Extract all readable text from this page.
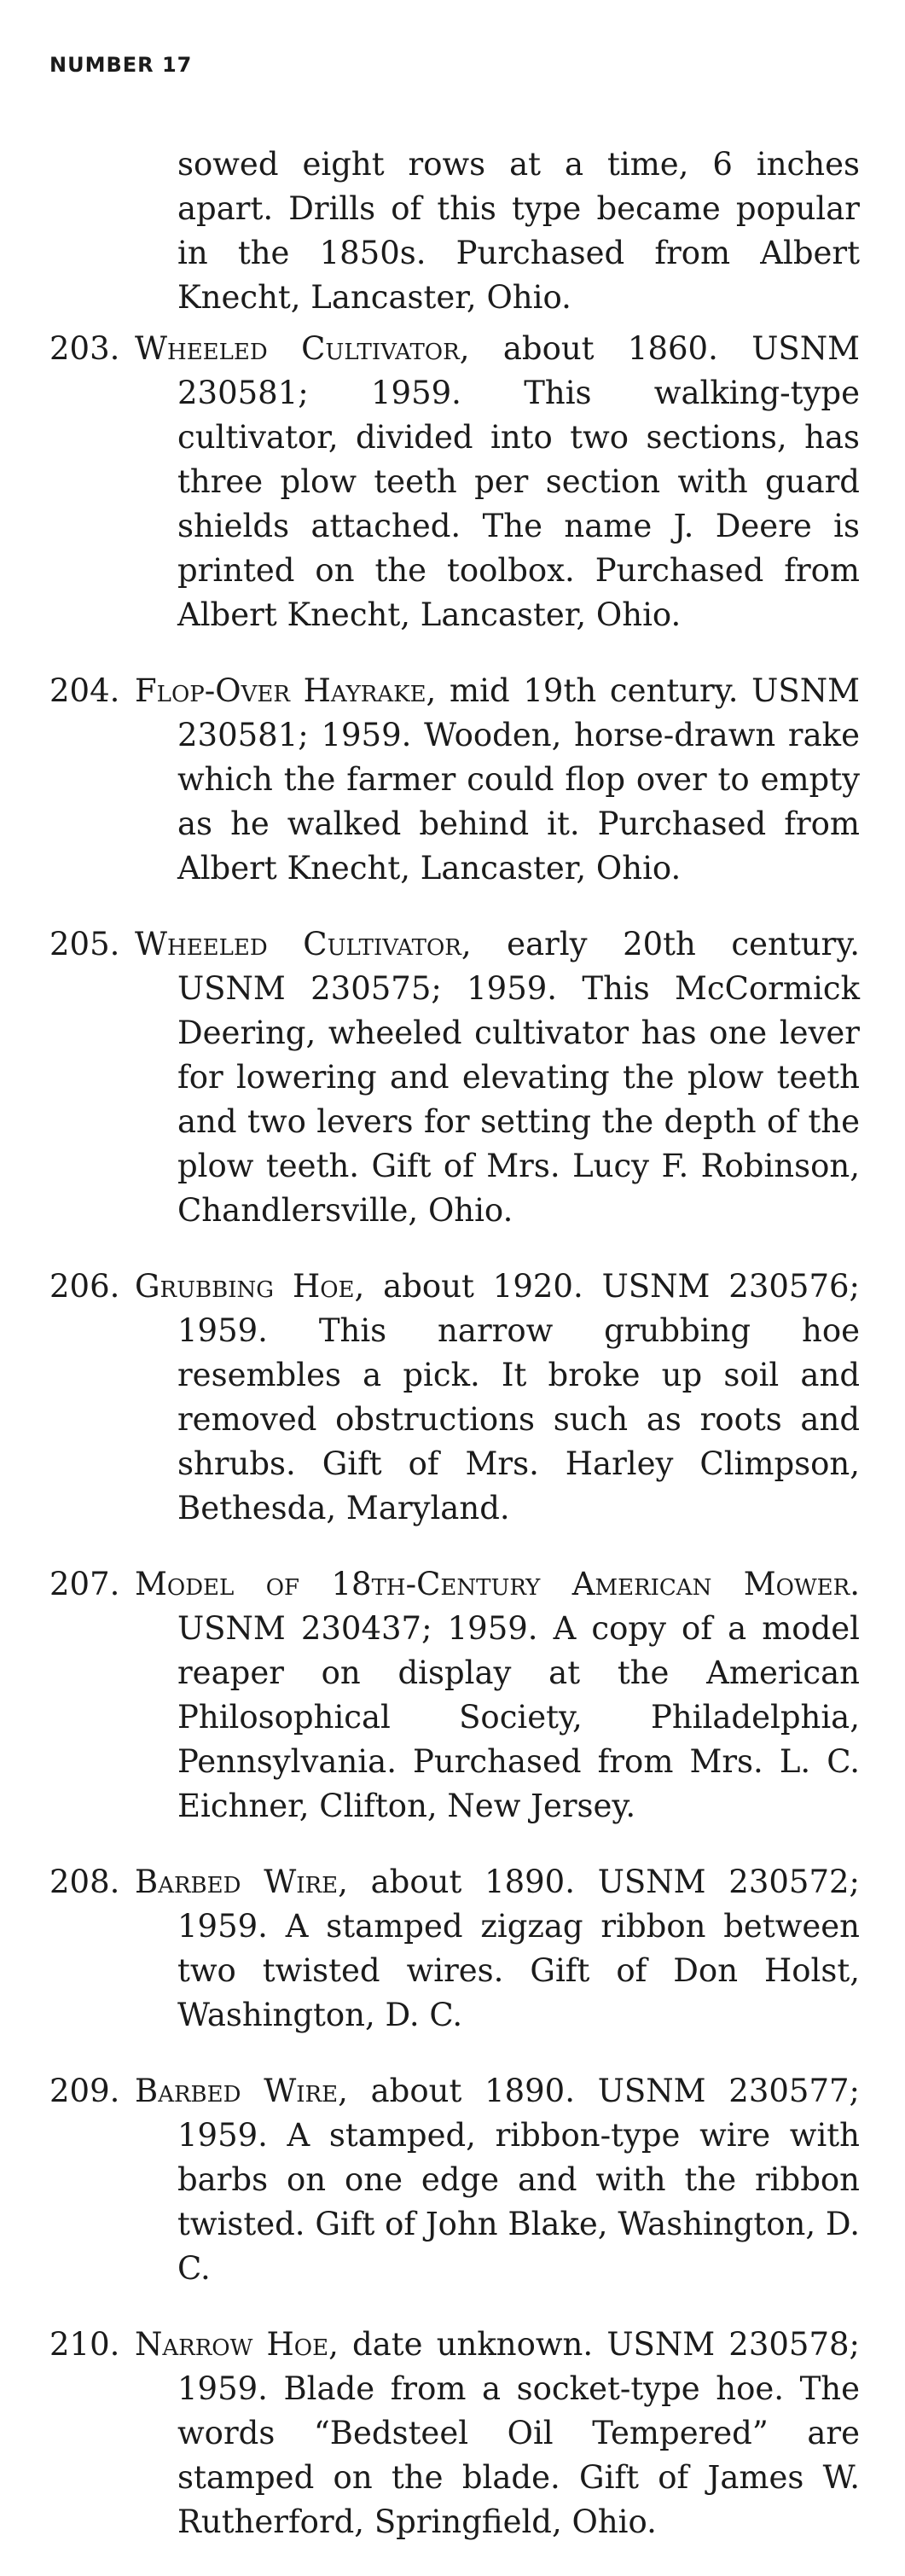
NUMBER 17

sowed eight rows at a time, 6 inches apart. Drills of this type became popular in the 1850s. Purchased from Albert Knecht, Lancaster, Ohio.

203. Wheeled Cultivator, about 1860. USNM 230581; 1959. This walking-type cultivator, divided into two sections, has three plow teeth per section with guard shields attached. The name J. Deere is printed on the toolbox. Purchased from Albert Knecht, Lancaster, Ohio.

204. Flop-Over Hayrake, mid 19th century. USNM 230581; 1959. Wooden, horse-drawn rake which the farmer could flop over to empty as he walked behind it. Purchased from Albert Knecht, Lancaster, Ohio.

205. Wheeled Cultivator, early 20th century. USNM 230575; 1959. This McCormick Deering, wheeled cultivator has one lever for lowering and elevating the plow teeth and two levers for setting the depth of the plow teeth. Gift of Mrs. Lucy F. Robinson, Chandlersville, Ohio.

206. Grubbing Hoe, about 1920. USNM 230576; 1959. This narrow grubbing hoe resembles a pick. It broke up soil and removed obstructions such as roots and shrubs. Gift of Mrs. Harley Climpson, Bethesda, Maryland.

207. Model of 18th-Century American Mower. USNM 230437; 1959. A copy of a model reaper on display at the American Philosophical Society, Philadelphia, Pennsylvania. Purchased from Mrs. L. C. Eichner, Clifton, New Jersey.

208. Barbed Wire, about 1890. USNM 230572; 1959. A stamped zigzag ribbon between two twisted wires. Gift of Don Holst, Washington, D. C.

209. Barbed Wire, about 1890. USNM 230577; 1959. A stamped, ribbon-type wire with barbs on one edge and with the ribbon twisted. Gift of John Blake, Washington, D. C.

210. Narrow Hoe, date unknown. USNM 230578; 1959. Blade from a socket-type hoe. The words “Bedsteel Oil Tempered” are stamped on the blade. Gift of James W. Rutherford, Springfield, Ohio.
